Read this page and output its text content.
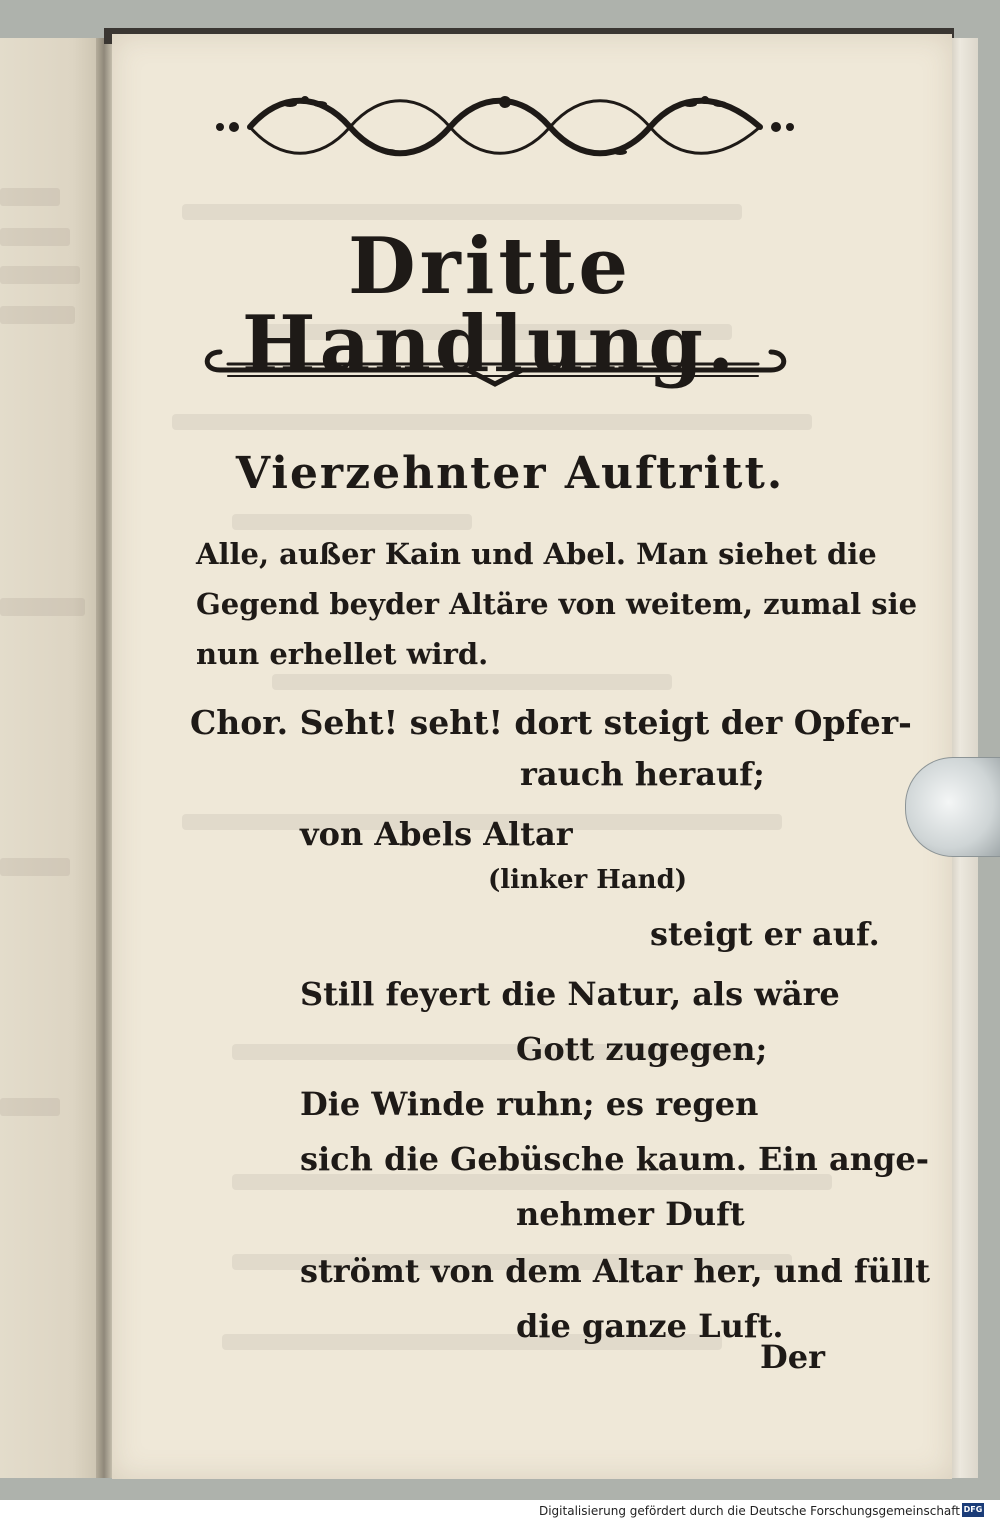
Dritte Handlung.
Vierzehnter Auftritt.

Alle, außer Kain und Abel. Man siehet die

Gegend beyder Altäre von weitem, zumal sie

nun erhellet wird.

Chor. Seht! seht! dort steigt der Opfer-

rauch herauf;

von Abels Altar

(linker Hand)

steigt er auf.

Still feyert die Natur, als wäre

Gott zugegen;

Die Winde ruhn; es regen

sich die Gebüsche kaum. Ein ange-

nehmer Duft

strömt von dem Altar her, und füllt

die ganze Luft.

Der

Digitalisierung gefördert durch die Deutsche Forschungsgemeinschaft DFG
